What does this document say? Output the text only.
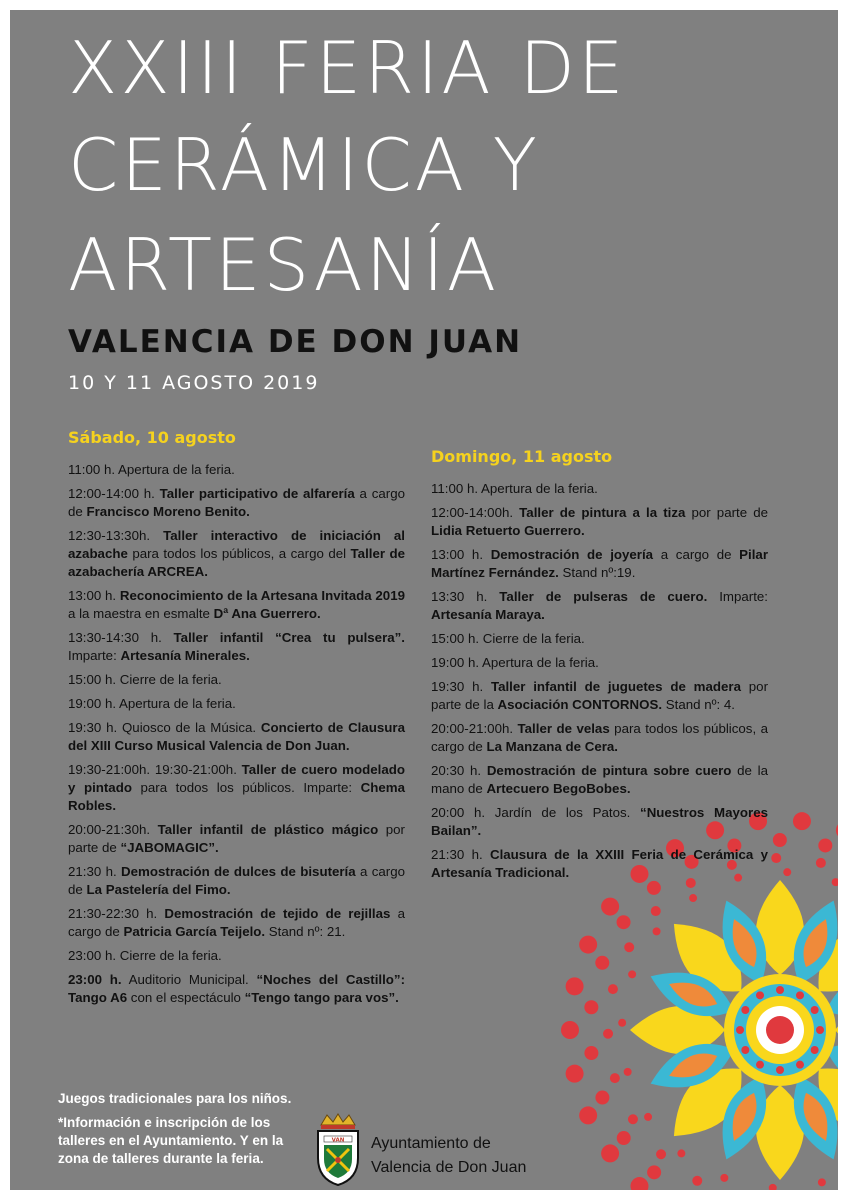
XXIII FERIA DE
CERÁMICA Y
ARTESANÍA
VALENCIA DE DON JUAN
10 Y 11 AGOSTO 2019
Sábado, 10 agosto

11:00 h. Apertura de la feria.

12:00-14:00 h. Taller participativo de alfarería a cargo de Francisco Moreno Benito.

12:30-13:30h. Taller interactivo de iniciación al azabache para todos los públicos, a cargo del Taller de azabachería ARCREA.

13:00 h. Reconocimiento de la Artesana Invitada 2019 a la maestra en esmalte Dª Ana Guerrero.

13:30-14:30 h. Taller infantil “Crea tu pulsera”. Imparte: Artesanía Minerales.

15:00 h. Cierre de la feria.

19:00 h. Apertura de la feria.

19:30 h. Quiosco de la Música. Concierto de Clausura del XIII Curso Musical Valencia de Don Juan.

19:30-21:00h. 19:30-21:00h. Taller de cuero modelado y pintado para todos los públicos. Imparte: Chema Robles.

20:00-21:30h. Taller infantil de plástico mágico por parte de “JABOMAGIC”.

21:30 h. Demostración de dulces de bisutería a cargo de La Pastelería del Fimo.

21:30-22:30 h. Demostración de tejido de rejillas a cargo de Patricia García Teijelo. Stand nº: 21.

23:00 h. Cierre de la feria.

23:00 h. Auditorio Municipal. “Noches del Castillo”: Tango A6 con el espectáculo “Tengo tango para vos”.

Domingo, 11 agosto

11:00 h. Apertura de la feria.

12:00-14:00h. Taller de pintura a la tiza por parte de Lidia Retuerto Guerrero.

13:00 h. Demostración de joyería a cargo de Pilar Martínez Fernández. Stand nº:19.

13:30 h. Taller de pulseras de cuero. Imparte: Artesanía Maraya.

15:00 h. Cierre de la feria.

19:00 h. Apertura de la feria.

19:30 h. Taller infantil de juguetes de madera por parte de la Asociación CONTORNOS. Stand nº: 4.

20:00-21:00h. Taller de velas para todos los públicos, a cargo de La Manzana de Cera.

20:30 h. Demostración de pintura sobre cuero de la mano de Artecuero BegoBobes.

20:00 h. Jardín de los Patos. “Nuestros Mayores Bailan”.

21:30 h. Clausura de la XXIII Feria de Cerámica y Artesanía Tradicional.

Juegos tradicionales para los niños.

*Información e inscripción de los talleres en el Ayuntamiento. Y en la zona de talleres durante la feria.

VAN Ayuntamiento de
Valencia de Don Juan
